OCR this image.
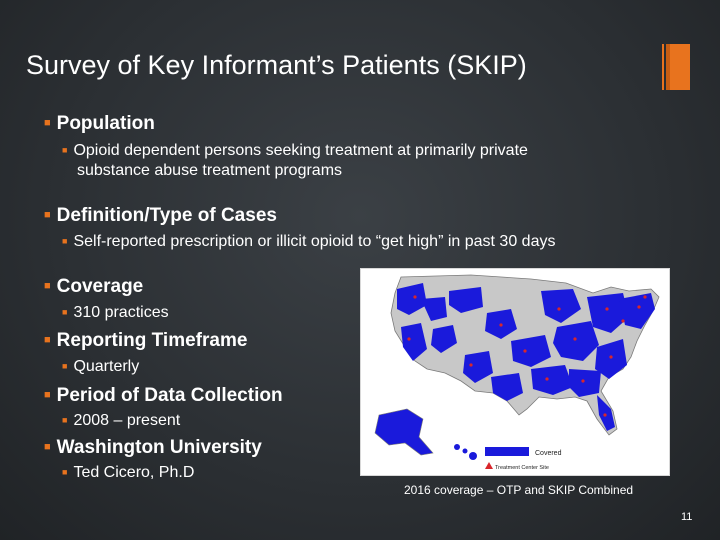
Survey of Key Informant’s Patients (SKIP)
■ Population
■ Opioid dependent persons seeking treatment at primarily private
substance abuse treatment programs
■ Definition/Type of Cases
■ Self-reported prescription or illicit opioid to “get high” in past 30 days
■ Coverage
■ 310 practices
■ Reporting Timeframe
■ Quarterly
■ Period of Data Collection
■ 2008 – present
■ Washington University
■ Ted Cicero, Ph.D
Covered
Treatment Center Site
2016 coverage – OTP and SKIP Combined
11
